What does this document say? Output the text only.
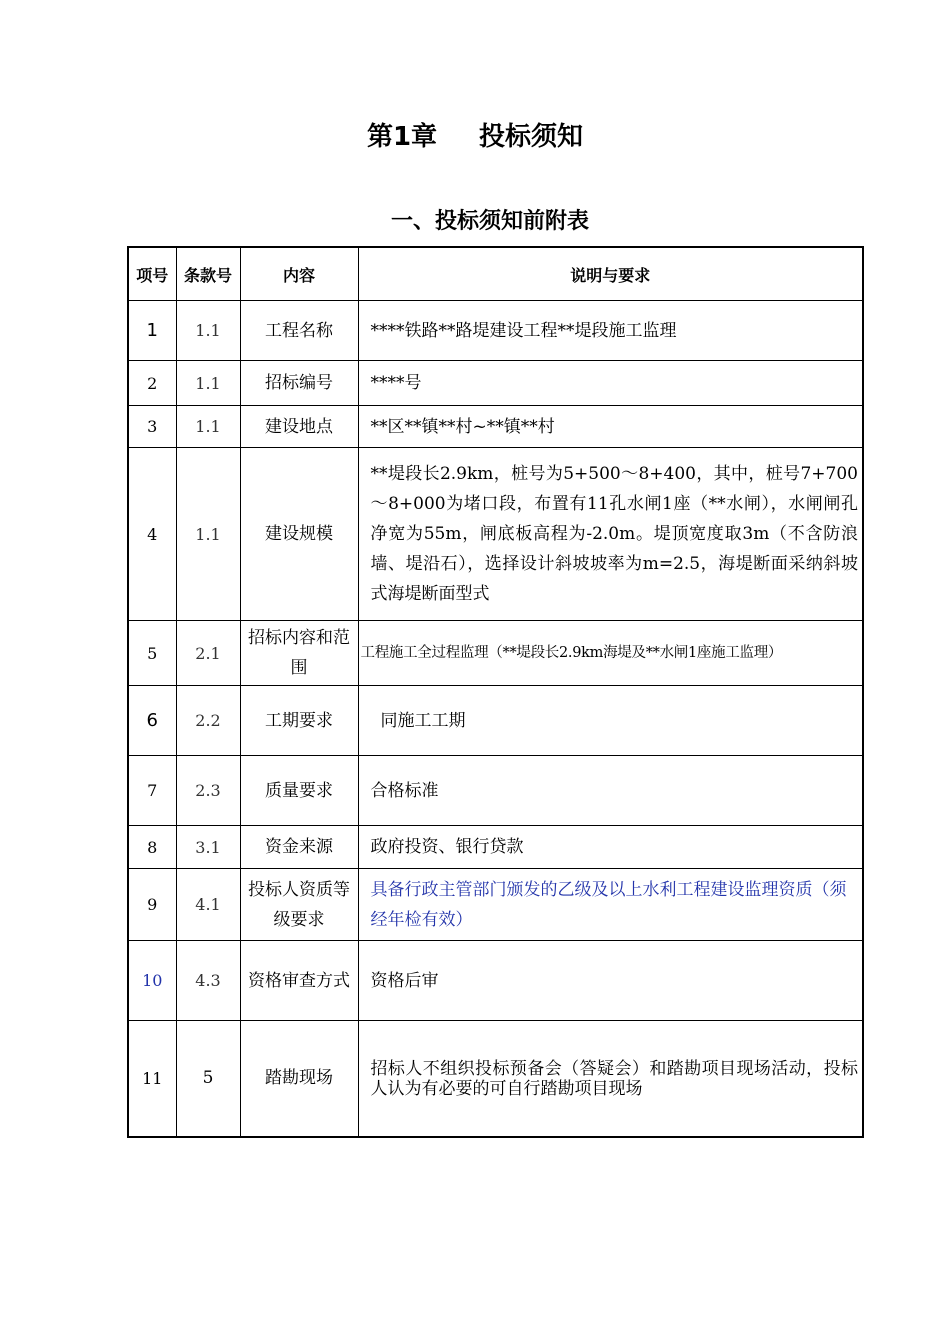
第1章 投标须知
一、投标须知前附表
项号	条款号	内容	说明与要求
1	1.1	工程名称	****铁路**路堤建设工程**堤段施工监理
2	1.1	招标编号	****号
3	1.1	建设地点	**区**镇**村~**镇**村
4	1.1	建设规模	**堤段长2.9km，桩号为5+500～8+400，其中，桩号7+700～8+000为堵口段，布置有11孔水闸1座（**水闸），水闸闸孔净宽为55m，闸底板高程为-2.0m。堤顶宽度取3m（不含防浪墙、堤沿石），选择设计斜坡坡率为m=2.5，海堤断面采纳斜坡式海堤断面型式
5	2.1	招标内容和范围	工程施工全过程监理（**堤段长2.9km海堤及**水闸1座施工监理）
6	2.2	工期要求	同施工工期
7	2.3	质量要求	合格标准
8	3.1	资金来源	政府投资、银行贷款
9	4.1	投标人资质等级要求	具备行政主管部门颁发的乙级及以上水利工程建设监理资质（须经年检有效）
10	4.3	资格审查方式	资格后审
11	5	踏勘现场	招标人不组织投标预备会（答疑会）和踏勘项目现场活动，投标人认为有必要的可自行踏勘项目现场
